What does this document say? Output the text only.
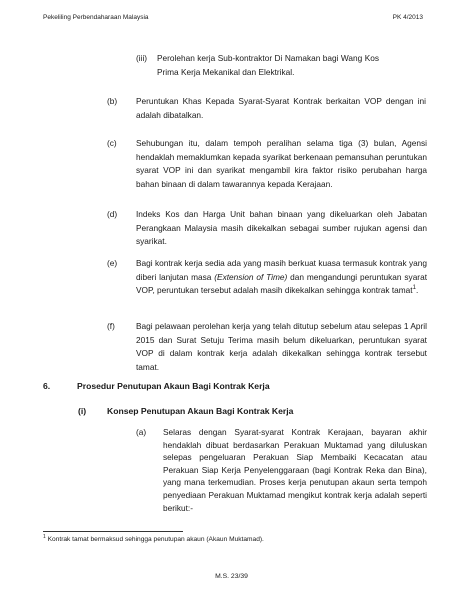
Pekeliling Perbendaharaan Malaysia	PK 4/2013
(iii) Perolehan kerja Sub-kontraktor Di Namakan bagi Wang Kos Prima Kerja Mekanikal dan Elektrikal.
(b) Peruntukan Khas Kepada Syarat-Syarat Kontrak berkaitan VOP dengan ini adalah dibatalkan.
(c) Sehubungan itu, dalam tempoh peralihan selama tiga (3) bulan, Agensi hendaklah memaklumkan kepada syarikat berkenaan pemansuhan peruntukan syarat VOP ini dan syarikat mengambil kira faktor risiko perubahan harga bahan binaan di dalam tawarannya kepada Kerajaan.
(d) Indeks Kos dan Harga Unit bahan binaan yang dikeluarkan oleh Jabatan Perangkaan Malaysia masih dikekalkan sebagai sumber rujukan agensi dan syarikat.
(e) Bagi kontrak kerja sedia ada yang masih berkuat kuasa termasuk kontrak yang diberi lanjutan masa (Extension of Time) dan mengandungi peruntukan syarat VOP, peruntukan tersebut adalah masih dikekalkan sehingga kontrak tamat$^1$.
(f)	Bagi pelawaan perolehan kerja yang telah ditutup sebelum atau selepas 1 April 2015 dan Surat Setuju Terima masih belum dikeluarkan, peruntukan syarat VOP di dalam kontrak kerja adalah dikekalkan sehingga kontrak tersebut tamat.
6.	Prosedur Penutupan Akaun Bagi Kontrak Kerja
(i) Konsep Penutupan Akaun Bagi Kontrak Kerja
(a) Selaras dengan Syarat-syarat Kontrak Kerajaan, bayaran akhir hendaklah dibuat berdasarkan Perakuan Muktamad yang diluluskan selepas pengeluaran Perakuan Siap Membaiki Kecacatan atau Perakuan Siap Kerja Penyelenggaraan (bagi Kontrak Reka dan Bina), yang mana terkemudian. Proses kerja penutupan akaun serta tempoh penyediaan Perakuan Muktamad mengikut kontrak kerja adalah seperti berikut:-
$^1$ Kontrak tamat bermaksud sehingga penutupan akaun (Akaun Muktamad).
M.S. 23/39
